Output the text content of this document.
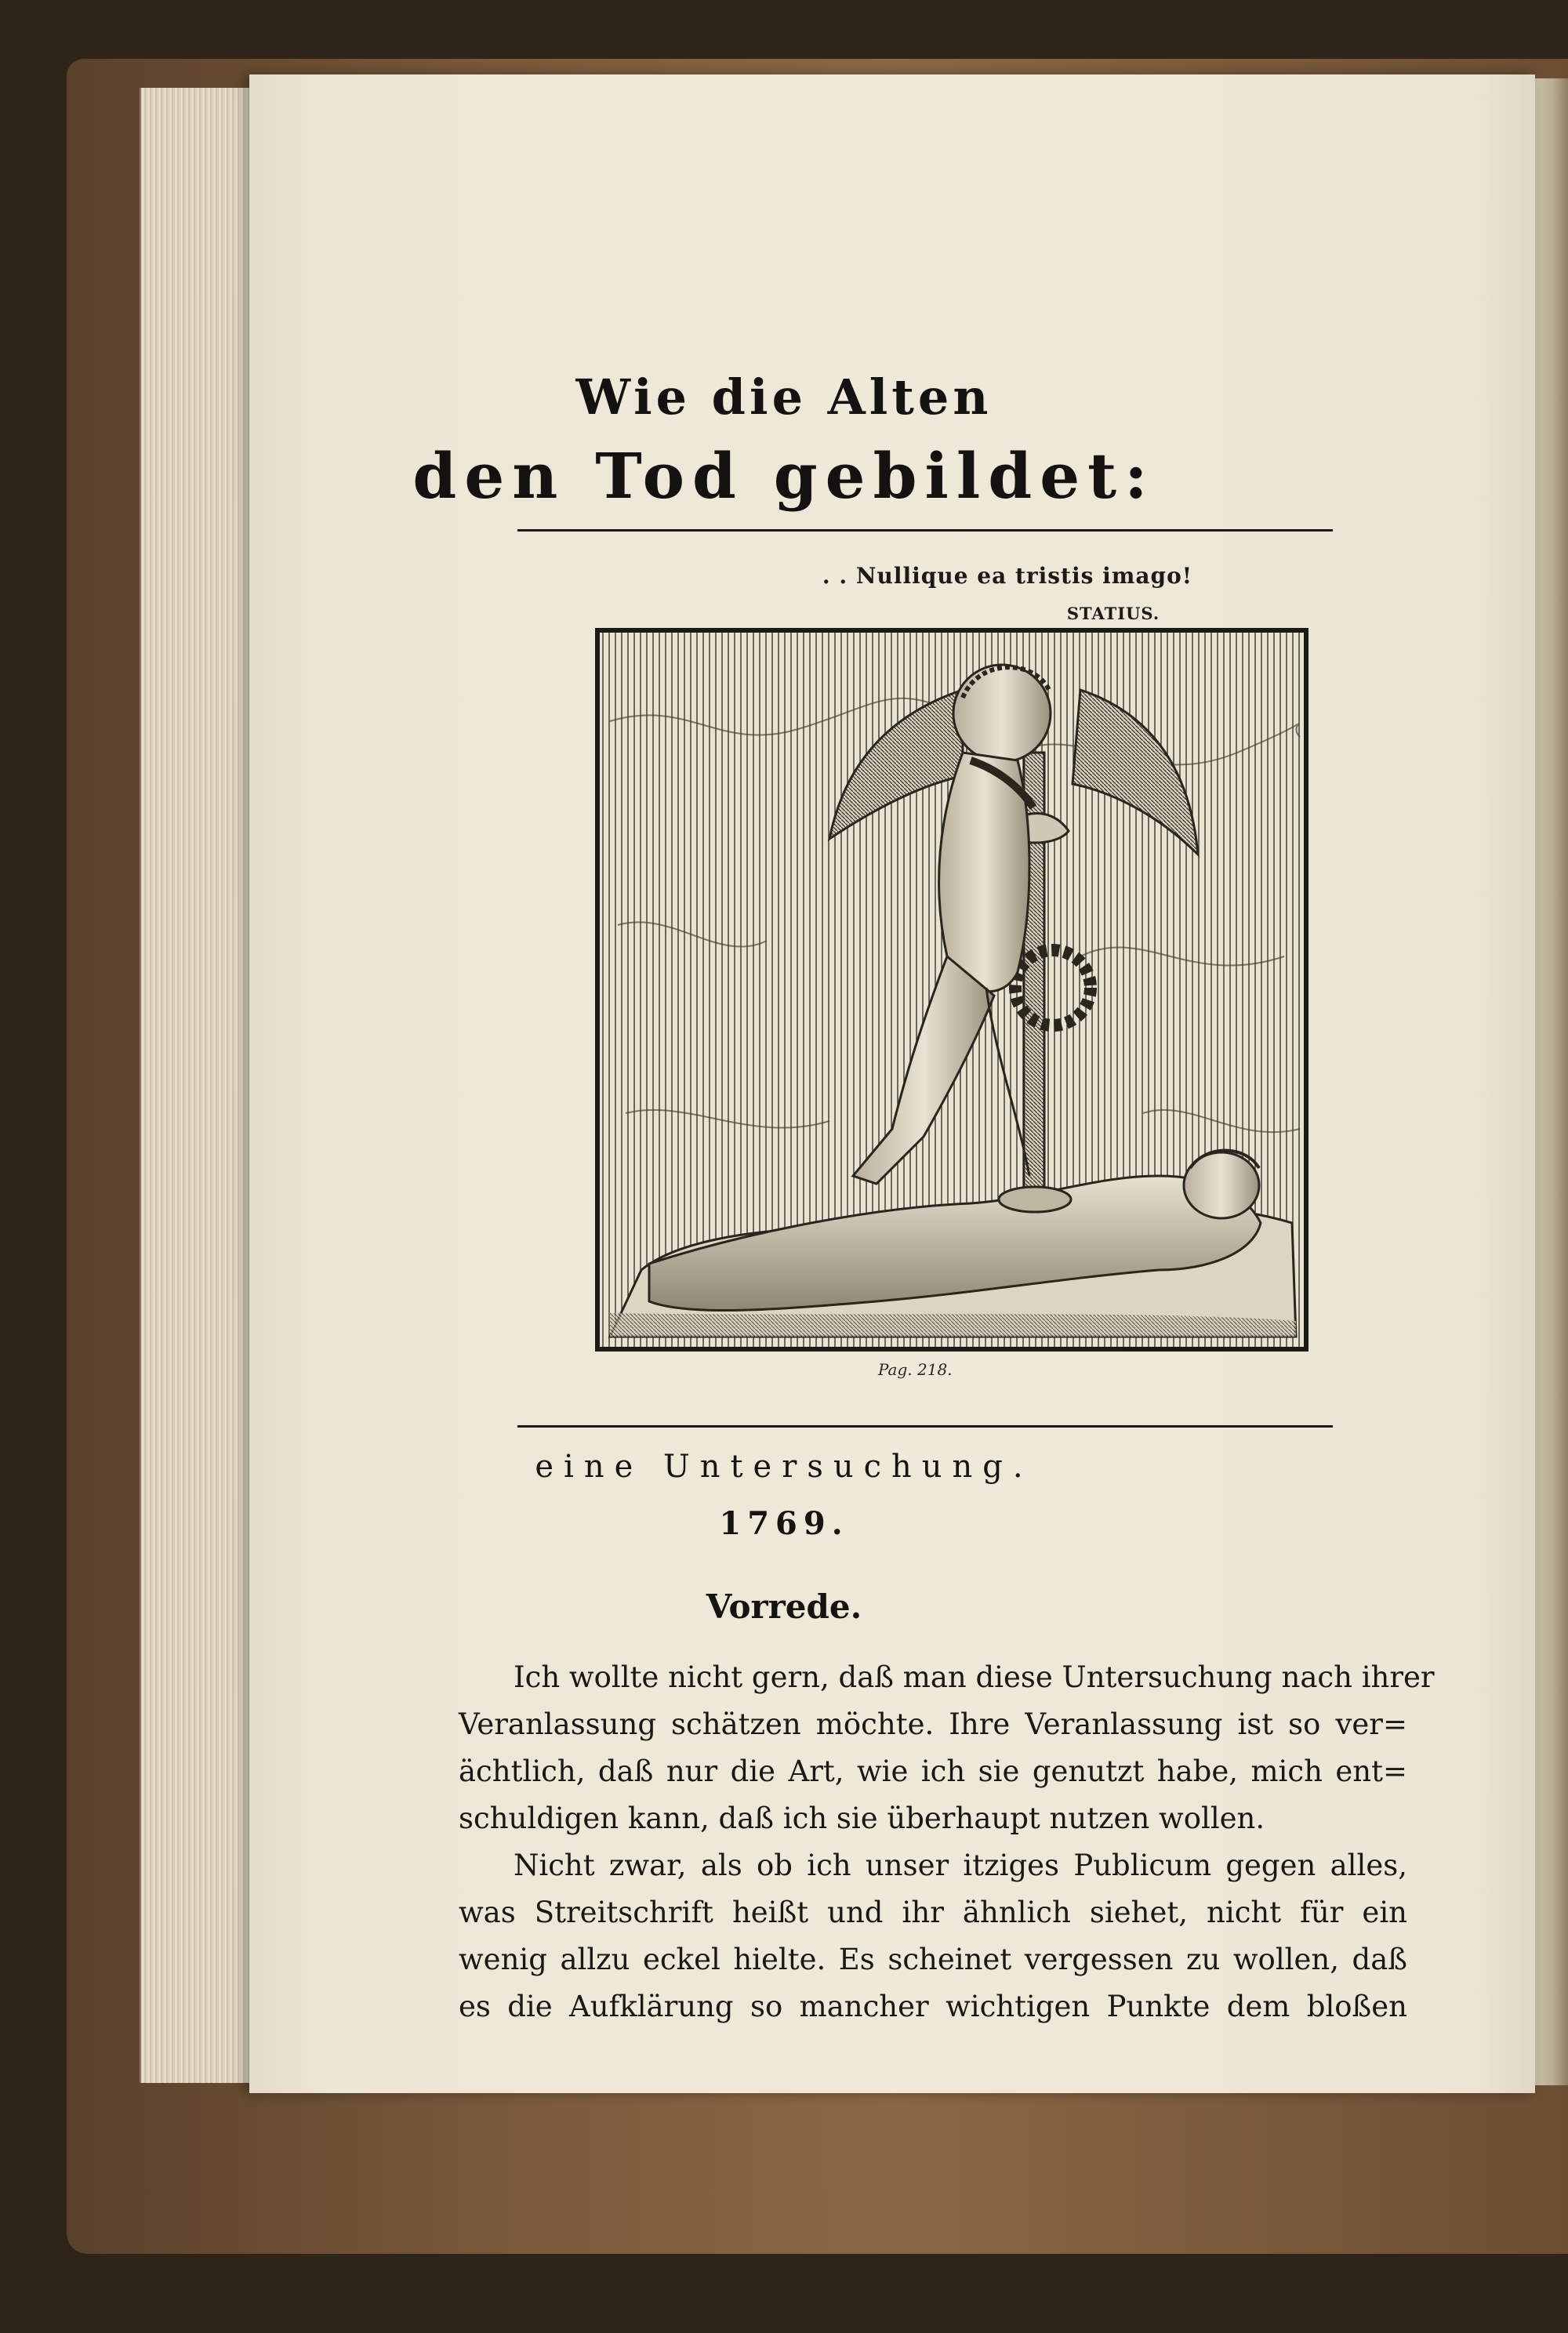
Wie die Alten
den Tod gebildet:
. . Nullique ea tristis imago!
STATIUS.
Pag. 218.
eine Untersuchung.
1769.
Vorrede.
Ich wollte nicht gern, daß man diese Untersuchung nach ihrer
Veranlassung schätzen möchte. Ihre Veranlassung ist so ver=
ächtlich, daß nur die Art, wie ich sie genutzt habe, mich ent=
schuldigen kann, daß ich sie überhaupt nutzen wollen.
Nicht zwar, als ob ich unser itziges Publicum gegen alles,
was Streitschrift heißt und ihr ähnlich siehet, nicht für ein
wenig allzu eckel hielte. Es scheinet vergessen zu wollen, daß
es die Aufklärung so mancher wichtigen Punkte dem bloßen
